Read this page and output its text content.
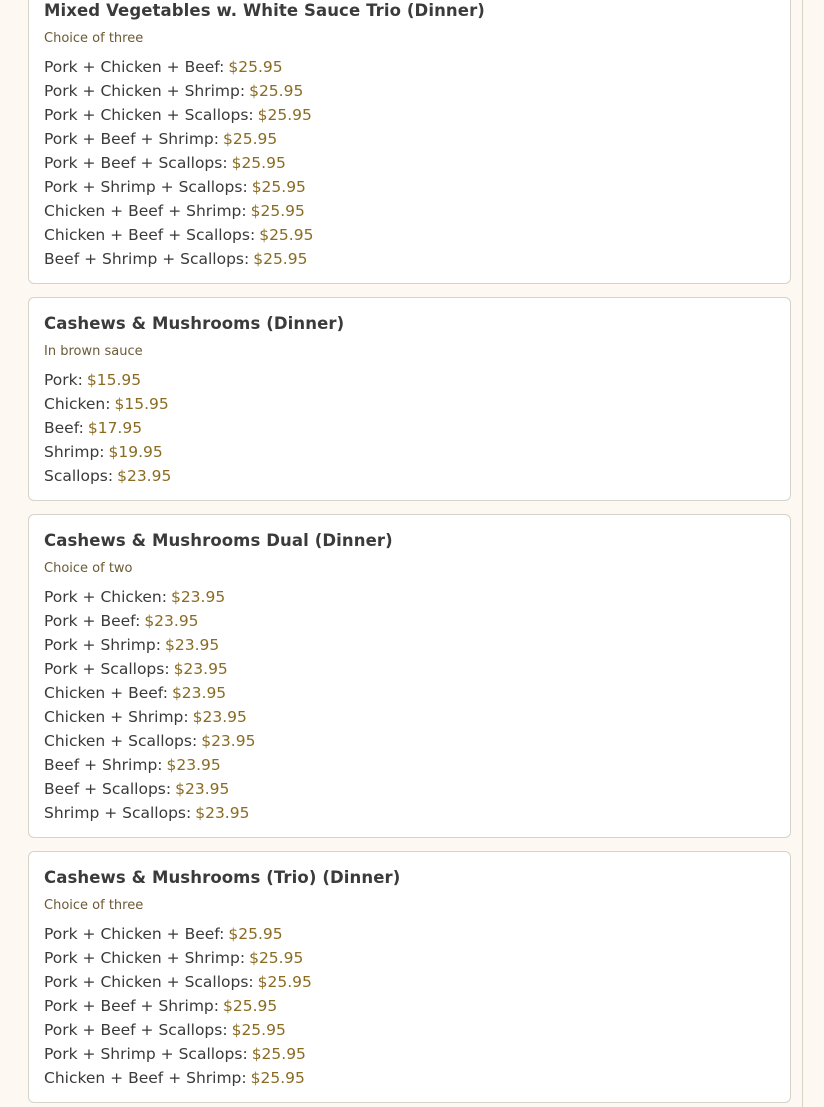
Mixed Vegetables w. White Sauce Trio (Dinner)
Choice of three
Pork + Chicken + Beef: $25.95
Pork + Chicken + Shrimp: $25.95
Pork + Chicken + Scallops: $25.95
Pork + Beef + Shrimp: $25.95
Pork + Beef + Scallops: $25.95
Pork + Shrimp + Scallops: $25.95
Chicken + Beef + Shrimp: $25.95
Chicken + Beef + Scallops: $25.95
Beef + Shrimp + Scallops: $25.95
Cashews & Mushrooms (Dinner)
In brown sauce
Pork: $15.95
Chicken: $15.95
Beef: $17.95
Shrimp: $19.95
Scallops: $23.95
Cashews & Mushrooms Dual (Dinner)
Choice of two
Pork + Chicken: $23.95
Pork + Beef: $23.95
Pork + Shrimp: $23.95
Pork + Scallops: $23.95
Chicken + Beef: $23.95
Chicken + Shrimp: $23.95
Chicken + Scallops: $23.95
Beef + Shrimp: $23.95
Beef + Scallops: $23.95
Shrimp + Scallops: $23.95
Cashews & Mushrooms (Trio) (Dinner)
Choice of three
Pork + Chicken + Beef: $25.95
Pork + Chicken + Shrimp: $25.95
Pork + Chicken + Scallops: $25.95
Pork + Beef + Shrimp: $25.95
Pork + Beef + Scallops: $25.95
Pork + Shrimp + Scallops: $25.95
Chicken + Beef + Shrimp: $25.95
